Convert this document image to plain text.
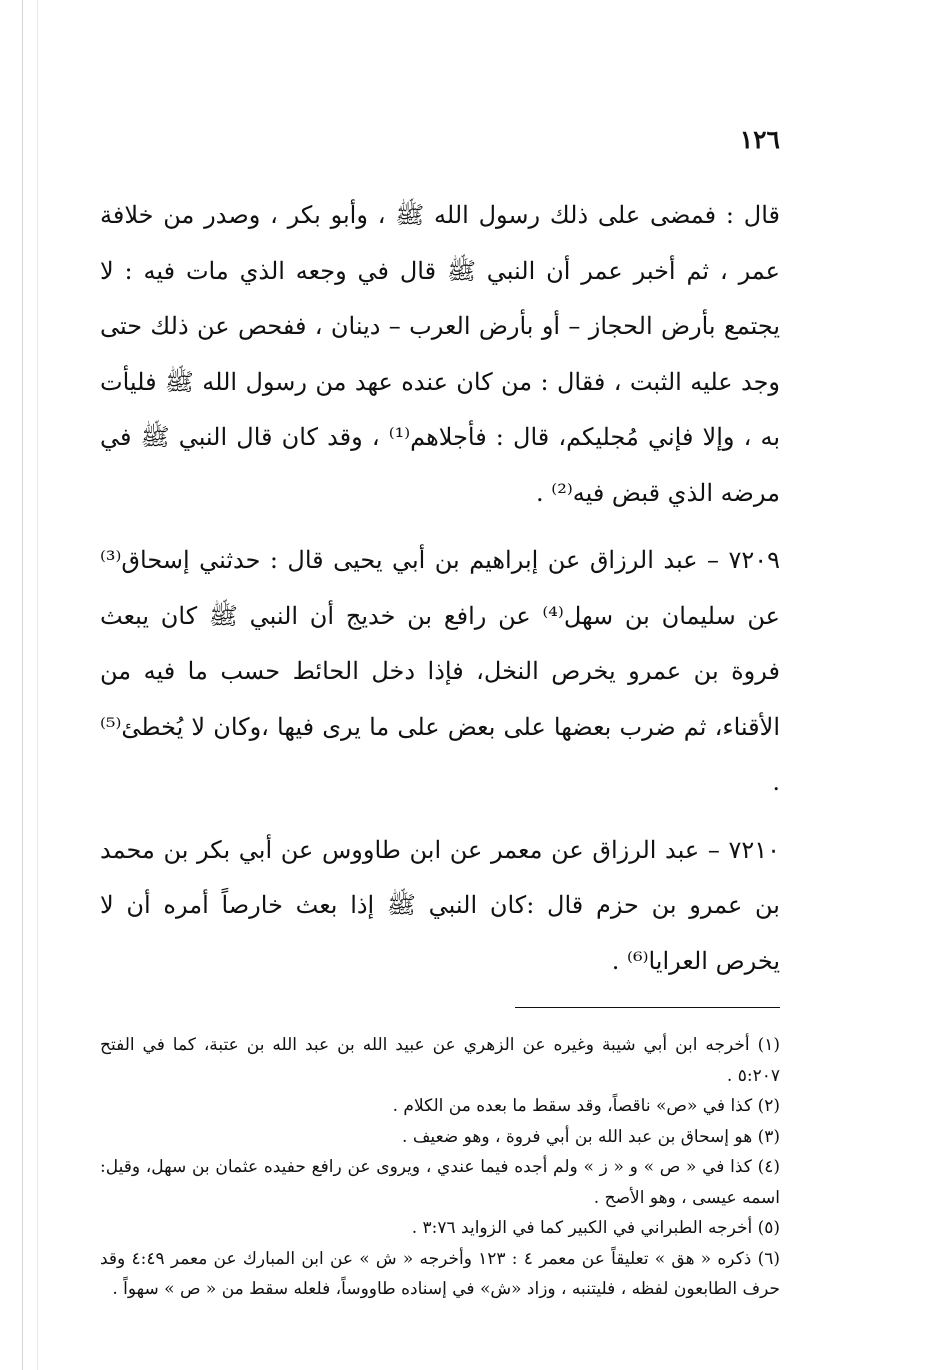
١٢٦

قال : فمضى على ذلك رسول الله ﷺ ، وأبو بكر ، وصدر من خلافة عمر ، ثم أخبر عمر أن النبي ﷺ قال في وجعه الذي مات فيه : لا يجتمع بأرض الحجاز – أو بأرض العرب – دينان ، ففحص عن ذلك حتى وجد عليه الثبت ، فقال : من كان عنده عهد من رسول الله ﷺ فليأت به ، وإلا فإني مُجليكم، قال : فأجلاهم⁽¹⁾ ، وقد كان قال النبي ﷺ في مرضه الذي قبض فيه⁽²⁾ .

٧٢٠٩ – عبد الرزاق عن إبراهيم بن أبي يحيى قال : حدثني إسحاق⁽³⁾ عن سليمان بن سهل⁽⁴⁾ عن رافع بن خديج أن النبي ﷺ كان يبعث فروة بن عمرو يخرص النخل، فإذا دخل الحائط حسب ما فيه من الأقناء، ثم ضرب بعضها على بعض على ما يرى فيها ،وكان لا يُخطئ⁽⁵⁾ .

٧٢١٠ – عبد الرزاق عن معمر عن ابن طاووس عن أبي بكر بن محمد بن عمرو بن حزم قال :كان النبي ﷺ إذا بعث خارصاً أمره أن لا يخرص العرايا⁽⁶⁾ .

(١) أخرجه ابن أبي شيبة وغيره عن الزهري عن عبيد الله بن عبد الله بن عتبة، كما في الفتح ٥:٢٠٧ .

(٢) كذا في «ص» ناقصاً، وقد سقط ما بعده من الكلام .

(٣) هو إسحاق بن عبد الله بن أبي فروة ، وهو ضعيف .

(٤) كذا في « ص » و « ز » ولم أجده فيما عندي ، ويروى عن رافع حفيده عثمان بن سهل، وقيل: اسمه عيسى ، وهو الأصح .

(٥) أخرجه الطبراني في الكبير كما في الزوايد ٣:٧٦ .

(٦) ذكره « هق » تعليقاً عن معمر ٤ : ١٢٣ وأخرجه « ش » عن ابن المبارك عن معمر ٤:٤٩ وقد حرف الطابعون لفظه ، فليتنبه ، وزاد «ش» في إسناده طاووساً، فلعله سقط من « ص » سهواً .
